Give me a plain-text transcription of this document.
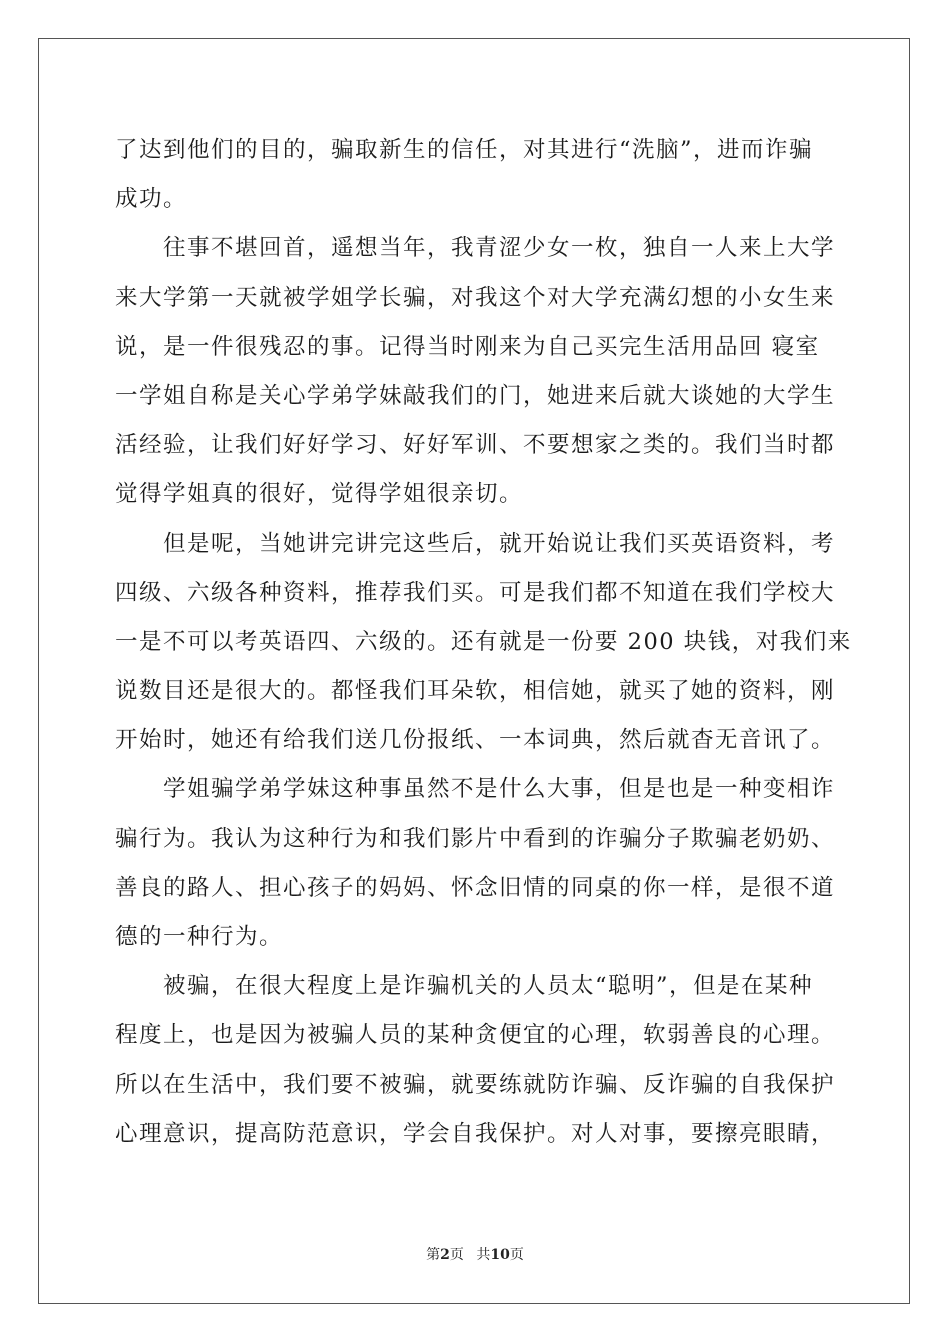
了达到他们的目的，骗取新生的信任，对其进行“洗脑”，进而诈骗
成功。
往事不堪回首，遥想当年，我青涩少女一枚，独自一人来上大学
来大学第一天就被学姐学长骗，对我这个对大学充满幻想的小女生来
说，是一件很残忍的事。记得当时刚来为自己买完生活用品回 寝室
一学姐自称是关心学弟学妹敲我们的门，她进来后就大谈她的大学生
活经验，让我们好好学习、好好军训、不要想家之类的。我们当时都
觉得学姐真的很好，觉得学姐很亲切。
但是呢，当她讲完讲完这些后，就开始说让我们买英语资料，考
四级、六级各种资料，推荐我们买。可是我们都不知道在我们学校大
一是不可以考英语四、六级的。还有就是一份要 200 块钱，对我们来
说数目还是很大的。都怪我们耳朵软，相信她，就买了她的资料，刚
开始时，她还有给我们送几份报纸、一本词典，然后就杳无音讯了。
学姐骗学弟学妹这种事虽然不是什么大事，但是也是一种变相诈
骗行为。我认为这种行为和我们影片中看到的诈骗分子欺骗老奶奶、
善良的路人、担心孩子的妈妈、怀念旧情的同桌的你一样，是很不道
德的一种行为。
被骗，在很大程度上是诈骗机关的人员太“聪明”，但是在某种
程度上，也是因为被骗人员的某种贪便宜的心理，软弱善良的心理。
所以在生活中，我们要不被骗，就要练就防诈骗、反诈骗的自我保护
心理意识，提高防范意识，学会自我保护。对人对事，要擦亮眼睛，
第2页 共10页
